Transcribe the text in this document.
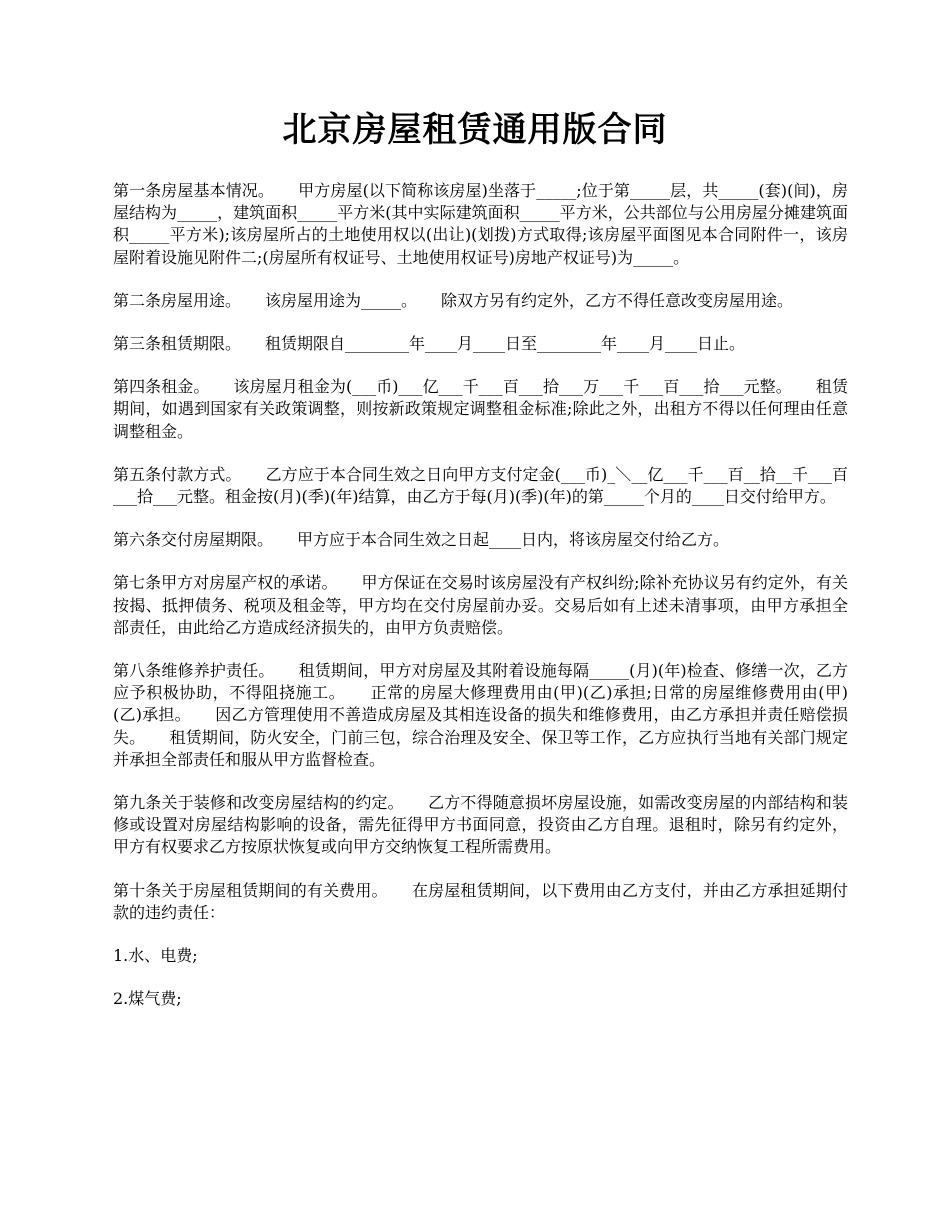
北京房屋租赁通用版合同

第一条房屋基本情况。　　甲方房屋(以下简称该房屋)坐落于_____;位于第_____层，共_____(套)(间)，房屋结构为_____，建筑面积_____平方米(其中实际建筑面积_____平方米，公共部位与公用房屋分摊建筑面积_____平方米);该房屋所占的土地使用权以(出让)(划拨)方式取得;该房屋平面图见本合同附件一，该房屋附着设施见附件二;(房屋所有权证号、土地使用权证号)房地产权证号)为_____。

第二条房屋用途。　　该房屋用途为_____。　　除双方另有约定外，乙方不得任意改变房屋用途。

第三条租赁期限。　　租赁期限自________年____月____日至________年____月____日止。

第四条租金。　　该房屋月租金为(___币)___亿___千___百___拾___万___千___百___拾___元整。　　租赁期间，如遇到国家有关政策调整，则按新政策规定调整租金标准;除此之外，出租方不得以任何理由任意调整租金。

第五条付款方式。　　乙方应于本合同生效之日向甲方支付定金(___币)_＼__亿___千___百__拾__千___百___拾___元整。租金按(月)(季)(年)结算，由乙方于每(月)(季)(年)的第_____个月的____日交付给甲方。

第六条交付房屋期限。　　甲方应于本合同生效之日起____日内，将该房屋交付给乙方。

第七条甲方对房屋产权的承诺。　　甲方保证在交易时该房屋没有产权纠纷;除补充协议另有约定外，有关按揭、抵押债务、税项及租金等，甲方均在交付房屋前办妥。交易后如有上述未清事项，由甲方承担全部责任，由此给乙方造成经济损失的，由甲方负责赔偿。

第八条维修养护责任。　　租赁期间，甲方对房屋及其附着设施每隔_____(月)(年)检查、修缮一次，乙方应予积极协助，不得阻挠施工。　　正常的房屋大修理费用由(甲)(乙)承担;日常的房屋维修费用由(甲)(乙)承担。　　因乙方管理使用不善造成房屋及其相连设备的损失和维修费用，由乙方承担并责任赔偿损失。　　租赁期间，防火安全，门前三包，综合治理及安全、保卫等工作，乙方应执行当地有关部门规定并承担全部责任和服从甲方监督检查。

第九条关于装修和改变房屋结构的约定。　　乙方不得随意损坏房屋设施，如需改变房屋的内部结构和装修或设置对房屋结构影响的设备，需先征得甲方书面同意，投资由乙方自理。退租时，除另有约定外，甲方有权要求乙方按原状恢复或向甲方交纳恢复工程所需费用。

第十条关于房屋租赁期间的有关费用。　　在房屋租赁期间，以下费用由乙方支付，并由乙方承担延期付款的违约责任：

1.水、电费;

2.煤气费;
